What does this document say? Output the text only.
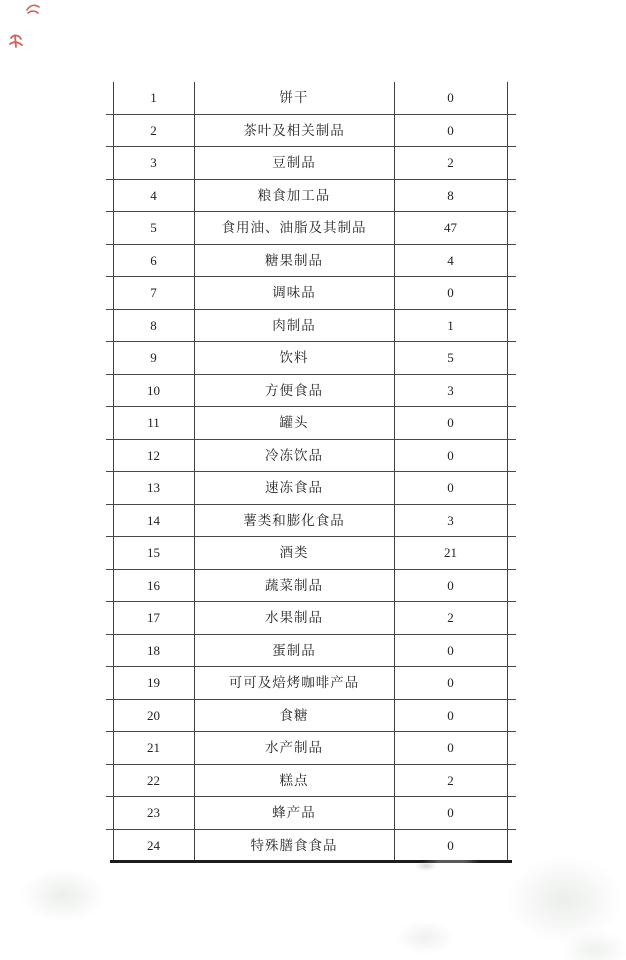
1	饼干	0
2	茶叶及相关制品	0
3	豆制品	2
4	粮食加工品	8
5	食用油、油脂及其制品	47
6	糖果制品	4
7	调味品	0
8	肉制品	1
9	饮料	5
10	方便食品	3
11	罐头	0
12	冷冻饮品	0
13	速冻食品	0
14	薯类和膨化食品	3
15	酒类	21
16	蔬菜制品	0
17	水果制品	2
18	蛋制品	0
19	可可及焙烤咖啡产品	0
20	食糖	0
21	水产制品	0
22	糕点	2
23	蜂产品	0
24	特殊膳食食品	0
